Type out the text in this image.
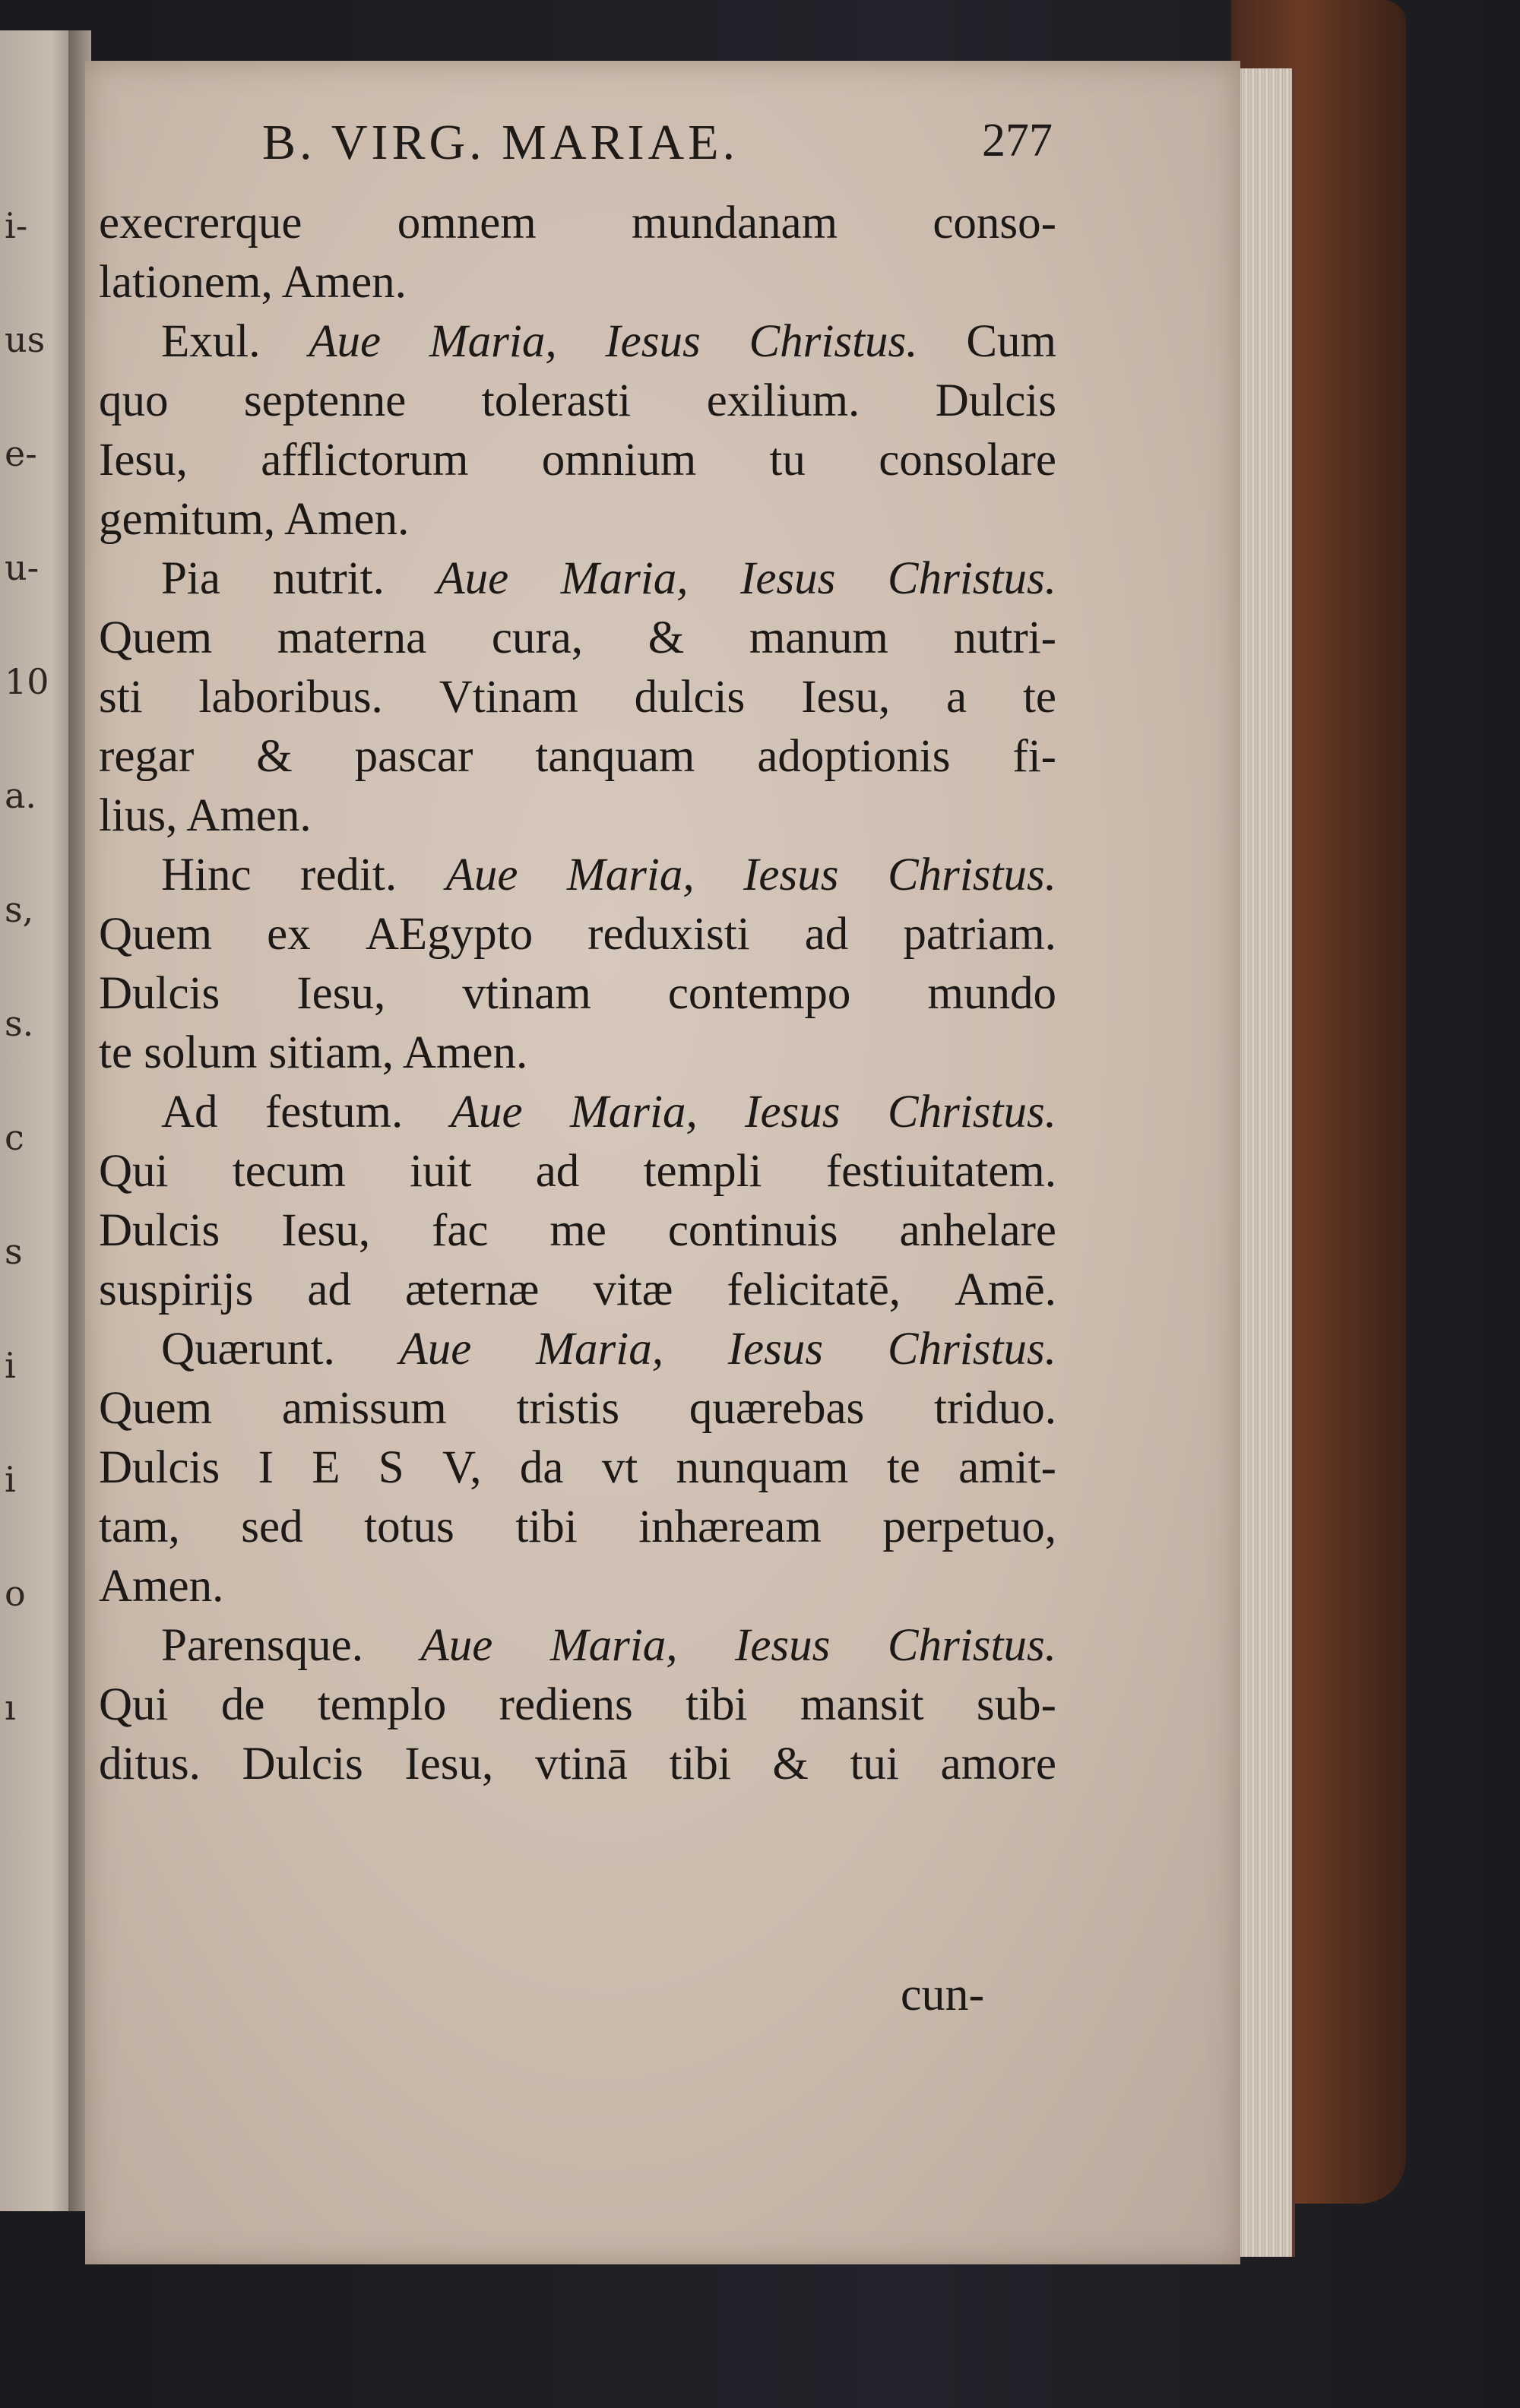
i-
us
e-
u-
10
a.
s,
s.
c
s
i
i
o
ı
B. VIRG. MARIAE.	277
execrerque omnem mundanam conso-
lationem, Amen.
Exul. Aue Maria, Iesus Christus. Cum
quo septenne tolerasti exilium. Dulcis
Iesu, afflictorum omnium tu consolare
gemitum, Amen.
Pia nutrit. Aue Maria, Iesus Christus.
Quem materna cura, & manum nutri-
sti laboribus. Vtinam dulcis Iesu, a te
regar & pascar tanquam adoptionis fi-
lius, Amen.
Hinc redit. Aue Maria, Iesus Christus.
Quem ex AEgypto reduxisti ad patriam.
Dulcis Iesu, vtinam contempo mundo
te solum sitiam, Amen.
Ad festum. Aue Maria, Iesus Christus.
Qui tecum iuit ad templi festiuitatem.
Dulcis Iesu, fac me continuis anhelare
suspirijs ad æternæ vitæ felicitatē, Amē.
Quærunt. Aue Maria, Iesus Christus.
Quem amissum tristis quærebas triduo.
Dulcis I E S V, da vt nunquam te amit-
tam, sed totus tibi inhæream perpetuo,
Amen.
Parensque. Aue Maria, Iesus Christus.
Qui de templo rediens tibi mansit sub-
ditus. Dulcis Iesu, vtinā tibi & tui amore
cun-
